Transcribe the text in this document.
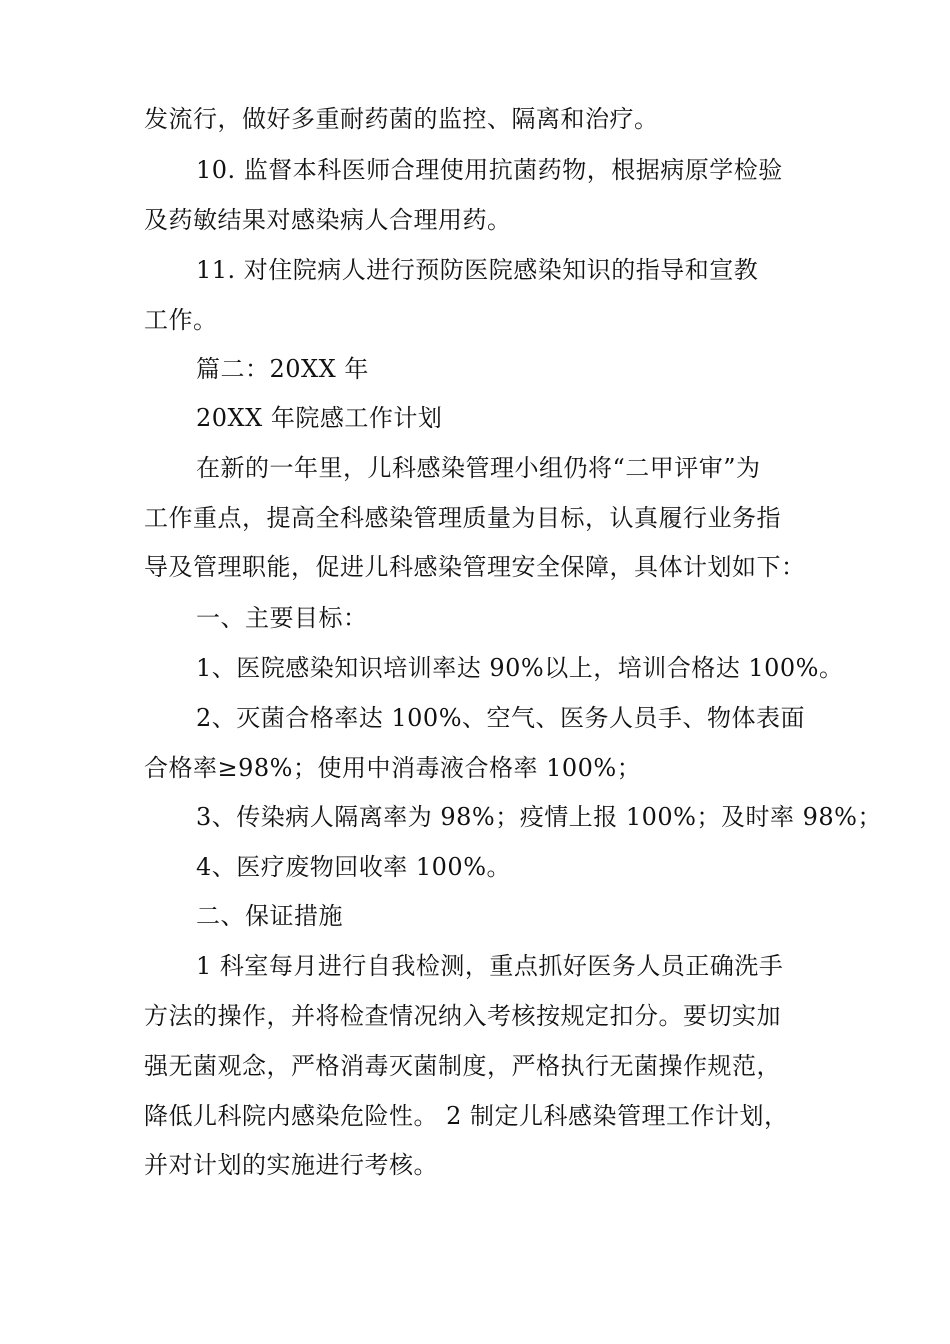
发流行，做好多重耐药菌的监控、隔离和治疗。
10. 监督本科医师合理使用抗菌药物，根据病原学检验
及药敏结果对感染病人合理用药。
11. 对住院病人进行预防医院感染知识的指导和宣教
工作。
篇二：20XX 年
20XX 年院感工作计划
在新的一年里，儿科感染管理小组仍将“二甲评审”为
工作重点，提高全科感染管理质量为目标，认真履行业务指
导及管理职能，促进儿科感染管理安全保障，具体计划如下：
一、主要目标：
1、医院感染知识培训率达 90%以上，培训合格达 100%。
2、灭菌合格率达 100%、空气、医务人员手、物体表面
合格率≥98%；使用中消毒液合格率 100%；
3、传染病人隔离率为 98%；疫情上报 100%；及时率 98%；
4、医疗废物回收率 100%。
二、保证措施
1 科室每月进行自我检测，重点抓好医务人员正确洗手
方法的操作，并将检查情况纳入考核按规定扣分。要切实加
强无菌观念，严格消毒灭菌制度，严格执行无菌操作规范，
降低儿科院内感染危险性。 2 制定儿科感染管理工作计划，
并对计划的实施进行考核。
